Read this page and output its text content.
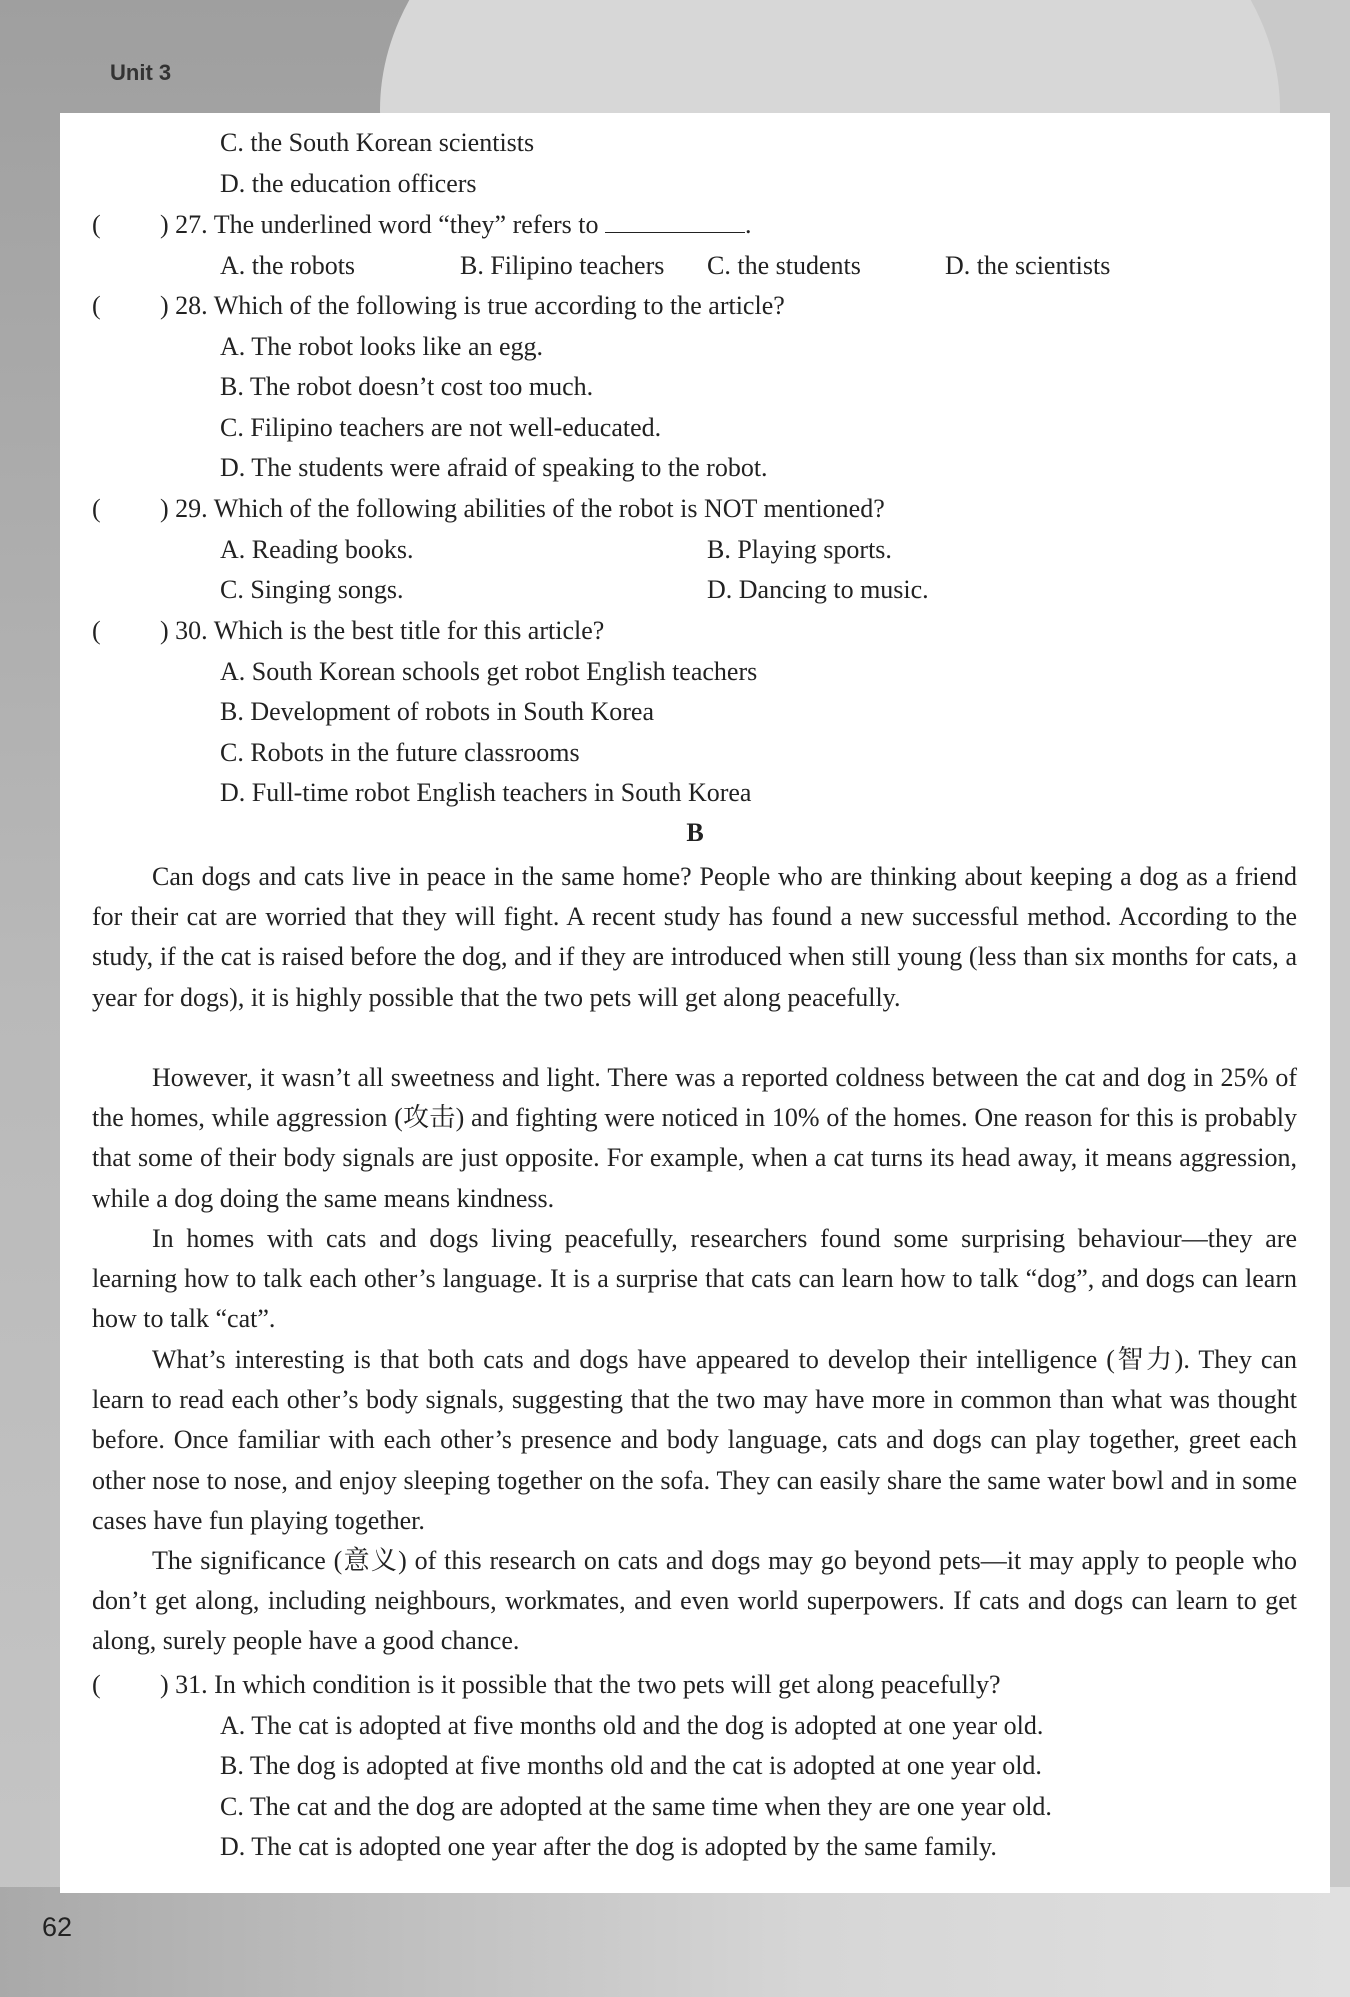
Unit 3
C. the South Korean scientists
D. the education officers
( ) 27. The underlined word “they” refers to	.
A. the robots	B. Filipino teachers C. the students	D. the scientists
( ) 28. Which of the following is true according to the article?
A. The robot looks like an egg.
B. The robot doesn’t cost too much.
C. Filipino teachers are not well-educated.
D. The students were afraid of speaking to the robot.
( ) 29. Which of the following abilities of the robot is NOT mentioned?
A. Reading books.	B. Playing sports.
C. Singing songs.	D. Dancing to music.
( ) 30. Which is the best title for this article?
A. South Korean schools get robot English teachers
B. Development of robots in South Korea
C. Robots in the future classrooms
D. Full-time robot English teachers in South Korea
B
Can dogs and cats live in peace in the same home? People who are thinking about keeping a dog as a friend for their cat are worried that they will fight. A recent study has found a new successful method. According to the study, if the cat is raised before the dog, and if they are introduced when still young (less than six months for cats, a year for dogs), it is highly possible that the two pets will get along peacefully.
However, it wasn’t all sweetness and light. There was a reported coldness between the cat and dog in 25% of the homes, while aggression (攻击) and fighting were noticed in 10% of the homes. One reason for this is probably that some of their body signals are just opposite. For example, when a cat turns its head away, it means aggression, while a dog doing the same means kindness.
In homes with cats and dogs living peacefully, researchers found some surprising behaviour—they are learning how to talk each other’s language. It is a surprise that cats can learn how to talk “dog”, and dogs can learn how to talk “cat”.
What’s interesting is that both cats and dogs have appeared to develop their intelligence (智力). They can learn to read each other’s body signals, suggesting that the two may have more in common than what was thought before. Once familiar with each other’s presence and body language, cats and dogs can play together, greet each other nose to nose, and enjoy sleeping together on the sofa. They can easily share the same water bowl and in some cases have fun playing together.
The significance (意义) of this research on cats and dogs may go beyond pets—it may apply to people who don’t get along, including neighbours, workmates, and even world superpowers. If cats and dogs can learn to get along, surely people have a good chance.
( ) 31. In which condition is it possible that the two pets will get along peacefully?
A. The cat is adopted at five months old and the dog is adopted at one year old.
B. The dog is adopted at five months old and the cat is adopted at one year old.
C. The cat and the dog are adopted at the same time when they are one year old.
D. The cat is adopted one year after the dog is adopted by the same family.
62
